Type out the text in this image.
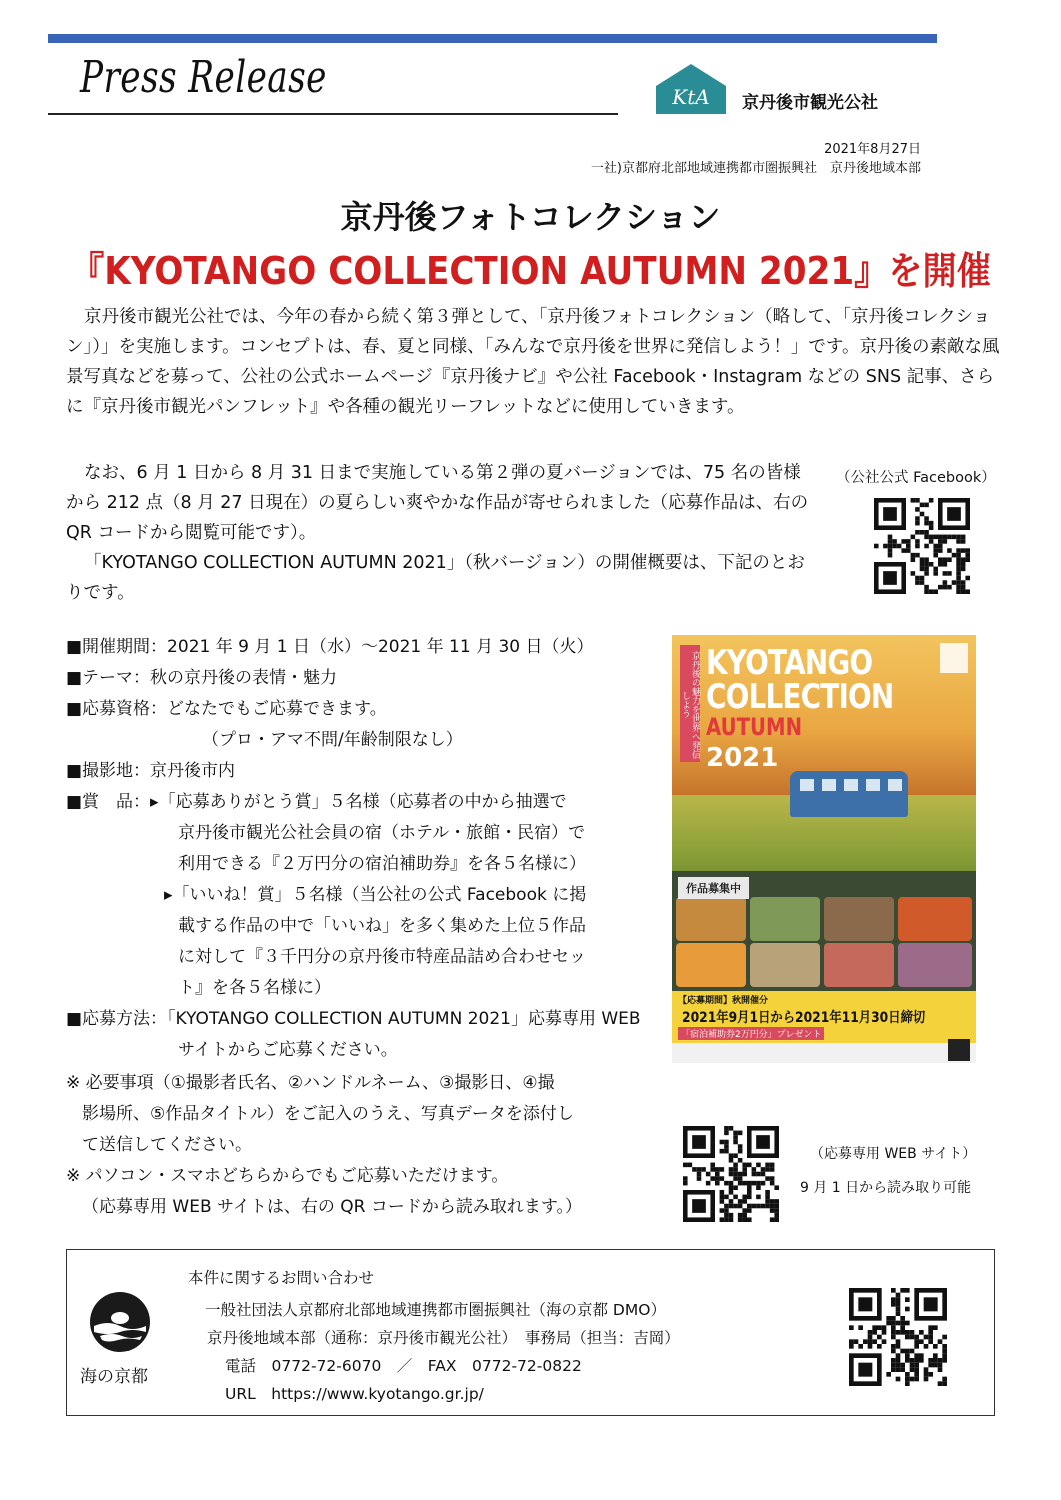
Press Release	KtA 京丹後市観光公社
2021年8月27日
一社)京都府北部地域連携都市圏振興社　京丹後地域本部
京丹後フォトコレクション
『KYOTANGO COLLECTION AUTUMN 2021』を開催
京丹後市観光公社では、今年の春から続く第３弾として、「京丹後フォトコレクション（略して、「京丹後コレクション」）」を実施します。コンセプトは、春、夏と同様、「みんなで京丹後を世界に発信しよう！」です。京丹後の素敵な風景写真などを募って、公社の公式ホームページ『京丹後ナビ』や公社 Facebook・Instagram などの SNS 記事、さらに『京丹後市観光パンフレット』や各種の観光リーフレットなどに使用していきます。
なお、6 月 1 日から 8 月 31 日まで実施している第２弾の夏バージョンでは、75 名の皆様から 212 点（8 月 27 日現在）の夏らしい爽やかな作品が寄せられました（応募作品は、右の QR コードから閲覧可能です）。
「KYOTANGO COLLECTION AUTUMN 2021」（秋バージョン）の開催概要は、下記のとおりです。
（公社公式 Facebook）
■開催期間：2021 年 9 月 1 日（水）～2021 年 11 月 30 日（火）
■テーマ：秋の京丹後の表情・魅力
■応募資格：どなたでもご応募できます。
（プロ・アマ不問/年齢制限なし）
■撮影地：京丹後市内
■賞　品：▸「応募ありがとう賞」５名様（応募者の中から抽選で
京丹後市観光公社会員の宿（ホテル・旅館・民宿）で
利用できる『２万円分の宿泊補助券』を各５名様に）
▸「いいね！賞」５名様（当公社の公式 Facebook に掲
載する作品の中で「いいね」を多く集めた上位５作品
に対して『３千円分の京丹後市特産品詰め合わせセッ
ト』を各５名様に）
■応募方法：「KYOTANGO COLLECTION AUTUMN 2021」応募専用 WEB
サイトからご応募ください。
※ 必要事項（①撮影者氏名、②ハンドルネーム、③撮影日、④撮
影場所、⑤作品タイトル）をご記入のうえ、写真データを添付し
て送信してください。
※ パソコン・スマホどちらからでもご応募いただけます。
（応募専用 WEB サイトは、右の QR コードから読み取れます。）
京丹後の魅力を世界へ発信しよう
KYOTANGO
COLLECTION
AUTUMN
2021
作品募集中
【応募期間】秋開催分
2021年9月1日から2021年11月30日締切
「宿泊補助券2万円分」プレゼント
（応募専用 WEB サイト）
9 月 1 日から読み取り可能
海の京都
本件に関するお問い合わせ
一般社団法人京都府北部地域連携都市圏振興社（海の京都 DMO）
京丹後地域本部（通称：京丹後市観光公社）　事務局（担当：吉岡）
電話　0772-72-6070　／　FAX　0772-72-0822
URL　https://www.kyotango.gr.jp/
